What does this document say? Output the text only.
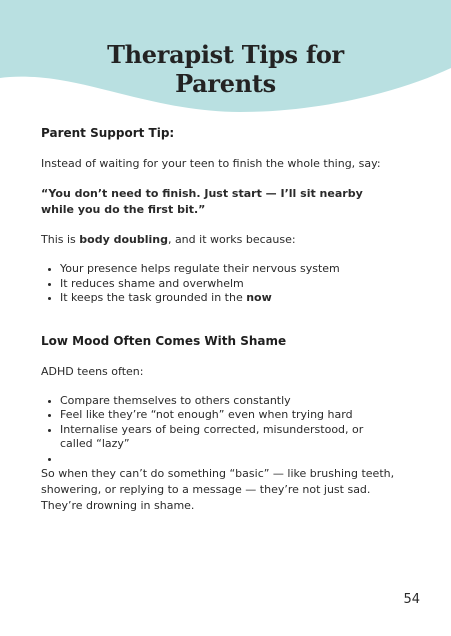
Therapist Tips for
Parents
Parent Support Tip:

Instead of waiting for your teen to finish the whole thing, say:

“You don’t need to finish. Just start — I’ll sit nearby while you do the first bit.”

This is body doubling, and it works because:

• Your presence helps regulate their nervous system
• It reduces shame and overwhelm
• It keeps the task grounded in the now
Low Mood Often Comes With Shame

ADHD teens often:

• Compare themselves to others constantly
• Feel like they’re “not enough” even when trying hard
• Internalise years of being corrected, misunderstood, or called “lazy”
•

So when they can’t do something “basic” — like brushing teeth, showering, or replying to a message — they’re not just sad. They’re drowning in shame.

54
